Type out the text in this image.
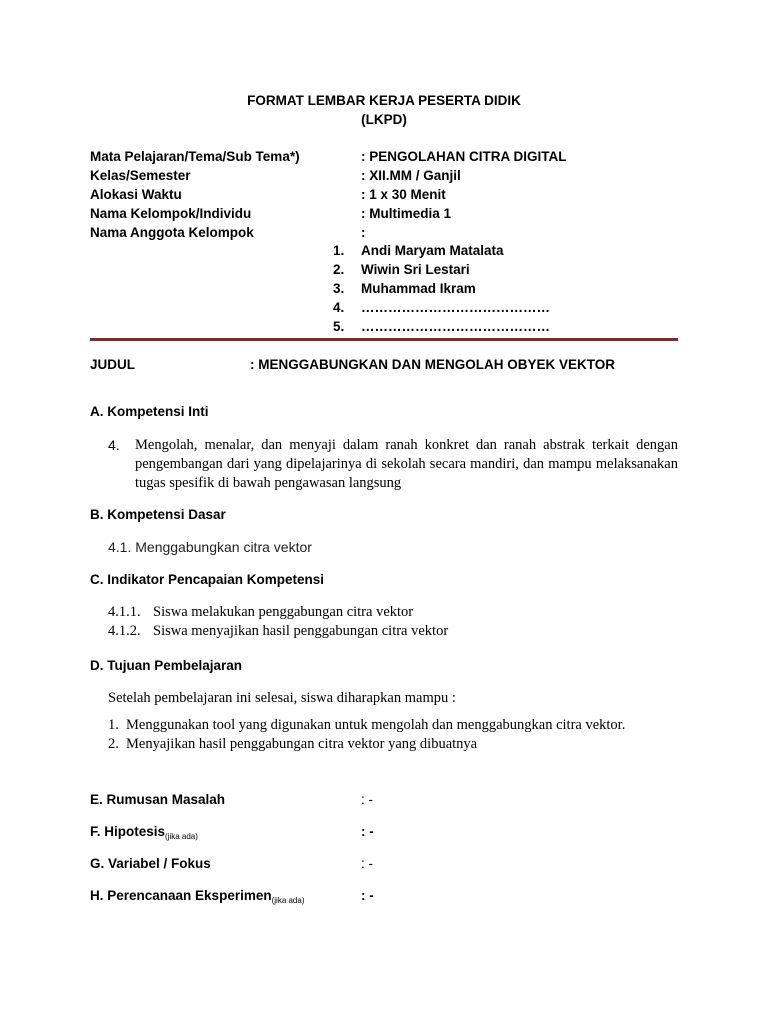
FORMAT LEMBAR KERJA PESERTA DIDIK
(LKPD)
Mata Pelajaran/Tema/Sub Tema*)	: PENGOLAHAN CITRA DIGITAL
Kelas/Semester	: XII.MM / Ganjil
Alokasi Waktu	: 1 x 30 Menit
Nama Kelompok/Individu	: Multimedia 1
Nama Anggota Kelompok	:
1. Andi Maryam Matalata
2. Wiwin Sri Lestari
3. Muhammad Ikram
4. ……………………………………
5. ……………………………………
JUDUL	: MENGGABUNGKAN DAN MENGOLAH OBYEK VEKTOR
A. Kompetensi Inti
4. Mengolah, menalar, dan menyaji dalam ranah konkret dan ranah abstrak terkait dengan pengembangan dari yang dipelajarinya di sekolah secara mandiri, dan mampu melaksanakan tugas spesifik di bawah pengawasan langsung
B. Kompetensi Dasar
4.1. Menggabungkan citra vektor
C. Indikator Pencapaian Kompetensi
4.1.1. Siswa melakukan penggabungan citra vektor
4.1.2. Siswa menyajikan hasil penggabungan citra vektor
D. Tujuan Pembelajaran
Setelah pembelajaran ini selesai, siswa diharapkan mampu :
1. Menggunakan tool yang digunakan untuk mengolah dan menggabungkan citra vektor.
2. Menyajikan hasil penggabungan citra vektor yang dibuatnya
E. Rumusan Masalah	: -
F. Hipotesis$_{(jika ada)}$	: -
G. Variabel / Fokus	: -
H. Perencanaan Eksperimen$_{(jika ada)}$	: -
